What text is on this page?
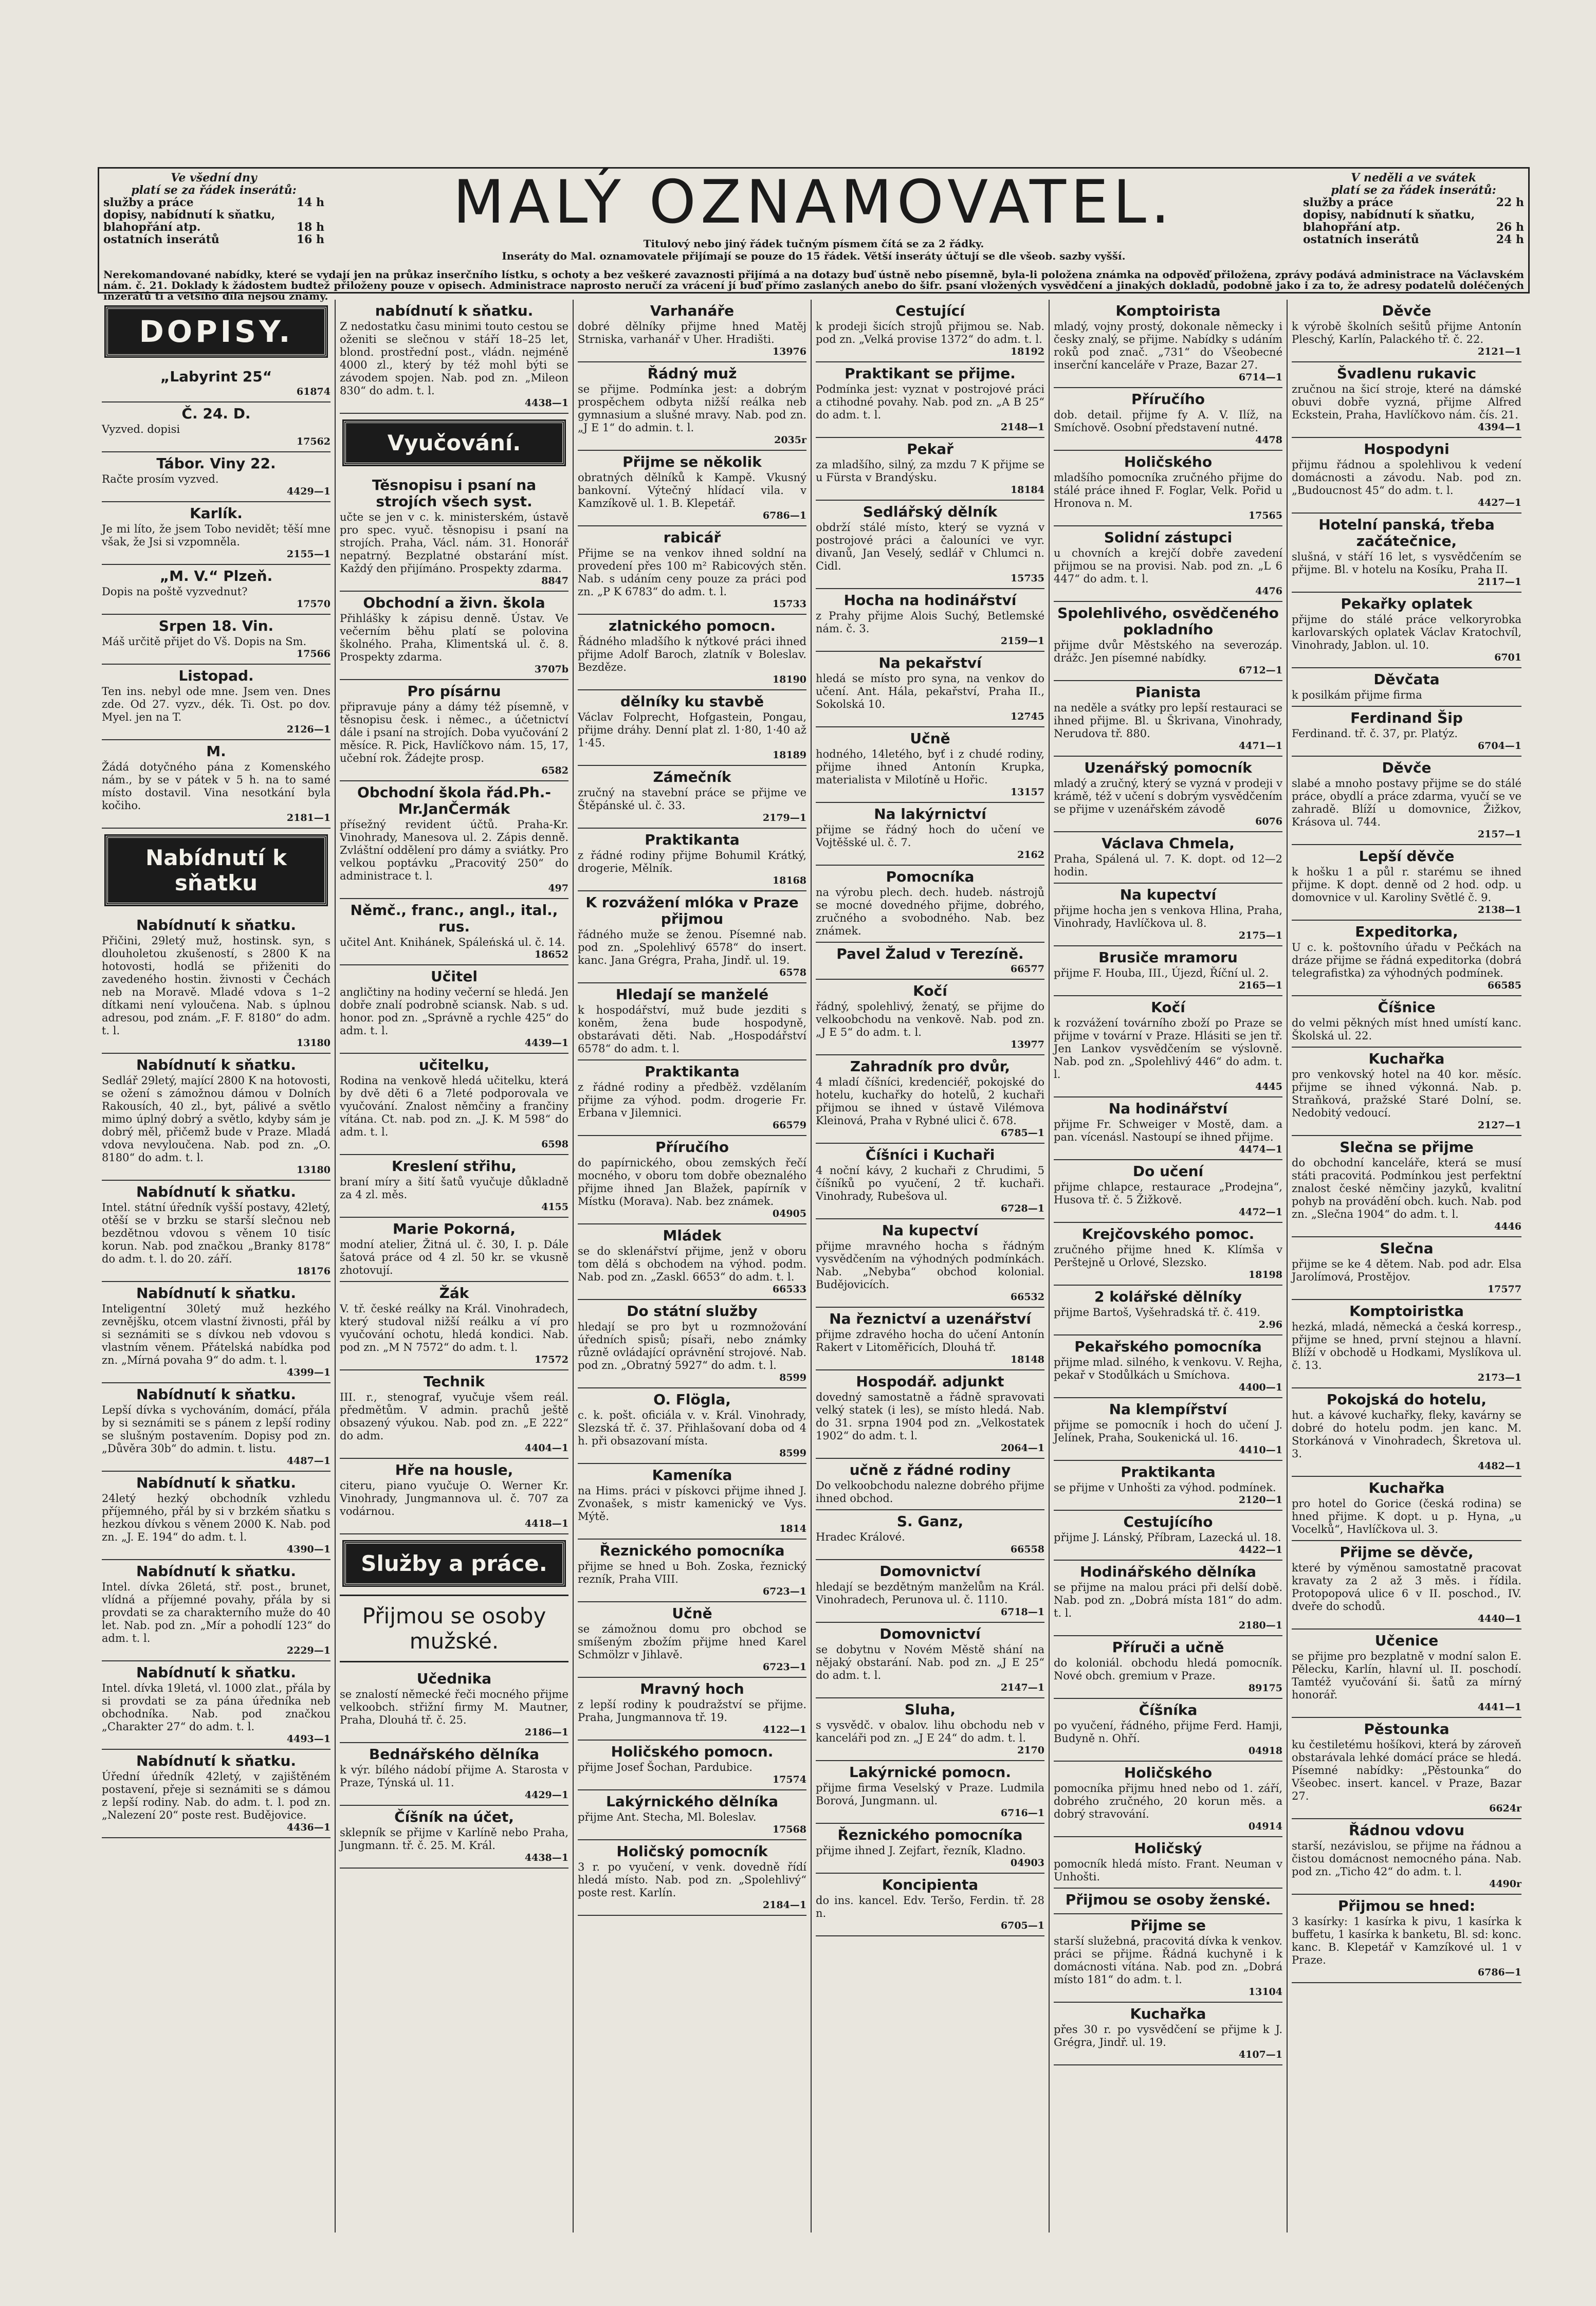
Ve všední dny
platí se za řádek inserátů:
služby a práce	14 h
dopisy, nabídnutí k sňatku,
blahopřání atp.	18 h
ostatních inserátů	16 h
MALÝ OZNAMOVATEL.
Titulový nebo jiný řádek tučným písmem čítá se za 2 řádky.
Inseráty do Mal. oznamovatele přijímají se pouze do 15 řádek. Větší inseráty účtují se dle všeob. sazby vyšší.
V neděli a ve svátek
platí se za řádek inserátů:
služby a práce	22 h
dopisy, nabídnutí k sňatku,
blahopřání atp.	26 h
ostatních inserátů	24 h
Nerekomandované nabídky, které se vydají jen na průkaz inserčního lístku, s ochoty a bez veškeré zavaznosti přijímá a na dotazy buď ústně nebo písemně, byla-li položena známka na odpověď přiložena, zprávy podává administrace na Václavském nám. č. 21. Doklady k žádostem budtež přiloženy pouze v opisech. Administrace naprosto neručí za vrácení jí buď přímo zaslaných anebo do šifr. psaní vložených vysvědčení a jinakých dokladů, podobně jako i za to, že adresy podatelů doléčených inzerátů ti a většího díla nejsou známy.
DOPISY.
„Labyrint 25“

61874
Č. 24. D.

Vyzved. dopisi

17562
Tábor. Viny 22.

Račte prosím vyzved.

4429—1
Karlík.

Je mi líto, že jsem Tobo nevidět; těší mne však, že Jsi si vzpomněla.

2155—1
„M. V.“ Plzeň.

Dopis na poště vyzvednut?

17570
Srpen 18. Vin.

Máš určitě přijet do Vš. Dopis na Sm.

17566
Listopad.

Ten ins. nebyl ode mne. Jsem ven. Dnes zde. Od 27. vyzv., dék. Ti. Ost. po dov. Myel. jen na T.

2126—1
M.

Žádá dotyčného pána z Komenského nám., by se v pátek v 5 h. na to samé místo dostavil. Vina nesotkání byla kočiho.

2181—1
Nabídnutí k sňatku
Nabídnutí k sňatku.

Přičini, 29letý muž, hostinsk. syn, s dlouholetou zkušeností, s 2800 K na hotovosti, hodlá se přiženiti do zavedeného hostin. živnosti v Čechách neb na Moravě. Mladé vdova s 1–2 dítkami není vyloučena. Nab. s úplnou adresou, pod znám. „F. F. 8180“ do adm. t. l.

13180
Nabídnutí k sňatku.

Sedlář 29letý, mající 2800 K na hotovosti, se ožení s zámožnou dámou v Dolních Rakousích, 40 zl., byt, pálivé a světlo mimo úplný dobrý a světlo, kdyby sám je dobrý měl, přičemž bude v Praze. Mladá vdova nevyloučena. Nab. pod zn. „O. 8180“ do adm. t. l.

13180
Nabídnutí k sňatku.

Intel. státní úředník vyšší postavy, 42letý, otěší se v brzku se starší slečnou neb bezdětnou vdovou s věnem 10 tisíc korun. Nab. pod značkou „Branky 8178“ do adm. t. l. do 20. září.

18176
Nabídnutí k sňatku.

Inteligentní 30letý muž hezkého zevnějšku, otcem vlastní živnosti, přál by si seznámiti se s dívkou neb vdovou s vlastním věnem. Přátelská nabídka pod zn. „Mírná povaha 9“ do adm. t. l.

4399—1
Nabídnutí k sňatku.

Lepší dívka s vychováním, domácí, přála by si seznámiti se s pánem z lepší rodiny se slušným postavením. Dopisy pod zn. „Důvěra 30b“ do admin. t. listu.

4487—1
Nabídnutí k sňatku.

24letý hezký obchodník vzhledu příjemného, přál by si v brzkém sňatku s hezkou dívkou s věnem 2000 K. Nab. pod zn. „J. E. 194“ do adm. t. l.

4390—1
Nabídnutí k sňatku.

Intel. dívka 26letá, stř. post., brunet, vlídná a příjemné povahy, přála by si provdati se za charakterního muže do 40 let. Nab. pod zn. „Mír a pohodlí 123“ do adm. t. l.

2229—1
Nabídnutí k sňatku.

Intel. dívka 19letá, vl. 1000 zlat., přála by si provdati se za pána úředníka neb obchodníka. Nab. pod značkou „Charakter 27“ do adm. t. l.

4493—1
Nabídnutí k sňatku.

Úřední úředník 42letý, v zajištěném postavení, přeje si seznámiti se s dámou z lepší rodiny. Nab. do adm. t. l. pod zn. „Nalezení 20“ poste rest. Budějovice.

4436—1
nabídnutí k sňatku.

Z nedostatku času minimi touto cestou se oženiti se slečnou v stáří 18–25 let, blond. prostřední post., vládn. nejméně 4000 zl., který by též mohl býti se závodem spojen. Nab. pod zn. „Mileon 830“ do adm. t. l.

4438—1
Vyučování.
Těsnopisu i psaní na strojích všech syst.

učte se jen v c. k. ministerském, ústavě pro spec. vyuč. těsnopisu i psaní na strojích. Praha, Václ. nám. 31. Honorář nepatrný. Bezplatné obstarání míst. Každý den přijímáno. Prospekty zdarma.

8847
Obchodní a živn. škola

Přihlášky k zápisu denně. Ústav. Ve večerním běhu platí se polovina školného. Praha, Klimentská ul. č. 8. Prospekty zdarma.

3707b
Pro písárnu

připravuje pány a dámy též písemně, v těsnopisu česk. i němec., a účetnictví dále i psaní na strojích. Doba vyučování 2 měsíce. R. Pick, Havlíčkovo nám. 15, 17, učební rok. Žádejte prosp.

6582
Obchodní škola řád.Ph.-Mr.JanČermák

přísežný revident účtů. Praha-Kr. Vinohrady, Manesova ul. 2. Zápis denně. Zvláštní oddělení pro dámy a sviátky. Pro velkou poptávku „Pracovitý 250“ do administrace t. l.

497
Němč., franc., angl., ital., rus.

učitel Ant. Knihánek, Spáleńská ul. č. 14.

18652
Učitel

angličtiny na hodiny večerní se hledá. Jen dobře znalí podrobně sciansk. Nab. s ud. honor. pod zn. „Správně a rychle 425“ do adm. t. l.

4439—1
učitelku,

Rodina na venkově hledá učitelku, která by dvě děti 6 a 7leté podporovala ve vyučování. Znalost němčiny a frančiny vítána. Ct. nab. pod zn. „J. K. M 598“ do adm. t. l.

6598
Kreslení střihu,

braní míry a šití šatů vyučuje důkladně za 4 zl. měs.

4155
Marie Pokorná,

modní atelier, Žitná ul. č. 30, I. p. Dále šatová práce od 4 zl. 50 kr. se vkusně zhotovují.

Žák

V. tř. české reálky na Král. Vinohradech, který studoval nižší reálku a ví pro vyučování ochotu, hledá kondici. Nab. pod zn. „M N 7572“ do adm. t. l.

17572
Technik

III. r., stenograf, vyučuje všem reál. předmětům. V admin. prachů ještě obsazený výukou. Nab. pod zn. „E 222“ do adm.

4404—1
Hře na housle,

citeru, piano vyučuje O. Werner Kr. Vinohrady, Jungmannova ul. č. 707 za vodárnou.

4418—1
Služby a práce.
Přijmou se osoby mužské.
Učednika

se znalostí německé řeči mocného přijme velkoobch. střižní firmy M. Mautner, Praha, Dlouhá tř. č. 25.

2186—1
Bednářského dělníka

k výr. bílého nádobí přijme A. Starosta v Praze, Týnská ul. 11.

4429—1
Číšník na účet,

sklepník se přijme v Karlíně nebo Praha, Jungmann. tř. č. 25. M. Král.

4438—1
Varhanáře

dobré dělníky přijme hned Matěj Strniska, varhanář v Uher. Hradišti.

13976
Řádný muž

se přijme. Podmínka jest: a dobrým prospěchem odbyta nižší reálka neb gymnasium a slušné mravy. Nab. pod zn. „J E 1“ do admin. t. l.

2035r
Přijme se několik

obratných dělníků k Kampě. Vkusný bankovní. Výtečný hlídací vila. v Kamzíkově ul. 1. B. Klepetář.

6786—1
rabicář

Přijme se na venkov ihned soldní na provedení přes 100 m² Rabicových stěn. Nab. s udáním ceny pouze za práci pod zn. „P K 6783“ do adm. t. l.

15733
zlatnického pomocn.

Řádného mladšího k nýtkové práci ihned přijme Adolf Baroch, zlatník v Boleslav. Bezděze.

18190
dělníky ku stavbě

Václav Folprecht, Hofgastein, Pongau, přijme dráhy. Denní plat zl. 1·80, 1·40 až 1·45.

18189
Zámečník

zručný na stavební práce se přijme ve Štěpánské ul. č. 33.

2179—1
Praktikanta

z řádné rodiny přijme Bohumil Krátký, drogerie, Mělník.

18168
K rozvážení mlóka v Praze přijmou

řádného muže se ženou. Písemné nab. pod zn. „Spolehlivý 6578“ do insert. kanc. Jana Grégra, Praha, Jindř. ul. 19.

6578
Hledají se manželé

k hospodářství, muž bude jezditi s koněm, žena bude hospodyně, obstarávati děti. Nab. „Hospodářství 6578“ do adm. t. l.

Praktikanta

z řádné rodiny a předběž. vzdělaním přijme za výhod. podm. drogerie Fr. Erbana v Jilemnici.

66579
Příručího

do papírnického, obou zemských řečí mocného, v oboru tom dobře obeznalého přijme ihned Jan Blažek, papírník v Místku (Morava). Nab. bez známek.

04905
Mládek

se do sklenářství přijme, jenž v oboru tom dělá s obchodem na výhod. podm. Nab. pod zn. „Zaskl. 6653“ do adm. t. l.

66533
Do státní služby

hledají se pro byt u rozmnožování úředních spisů; písaři, nebo známky různě ovládající oprávnění strojové. Nab. pod zn. „Obratný 5927“ do adm. t. l.

8599
O. Flögla,

c. k. pošt. oficiála v. v. Král. Vinohrady, Slezská tř. č. 37. Přihlašovaní doba od 4 h. při obsazovaní místa.

8599
Kameníka

na Hims. práci v pískovci přijme ihned J. Zvonašek, s mistr kamenický ve Vys. Mýtě.

1814
Řeznického pomocníka

přijme se hned u Boh. Zoska, řeznický rezník, Praha VIII.

6723—1
Učně

se zámožnou domu pro obchod se smíšeným zbožím přijme hned Karel Schmölzr v Jihlavě.

6723—1
Mravný hoch

z lepší rodiny k poudražství se přijme. Praha, Jungmannova tř. 19.

4122—1
Holičského pomocn.

přijme Josef Šochan, Pardubice.

17574
Lakýrnického dělníka

přijme Ant. Stecha, Ml. Boleslav.

17568
Holičský pomocník

3 r. po vyučení, v venk. dovedně řídí hledá místo. Nab. pod zn. „Spolehlivý“ poste rest. Karlín.

2184—1
Cestující

k prodeji šicích strojů přijmou se. Nab. pod zn. „Velká provise 1372“ do adm. t. l.

18192
Praktikant se přijme.

Podmínka jest: vyznat v postrojové práci a ctihodné povahy. Nab. pod zn. „A B 25“ do adm. t. l.

2148—1
Pekař

za mladšího, silný, za mzdu 7 K přijme se u Fürsta v Brandýsku.

18184
Sedlářský dělník

obdrží stálé místo, který se vyzná v postrojové práci a čalouníci ve vyr. divanů, Jan Veselý, sedlář v Chlumci n. Cidl.

15735
Hocha na hodinářství

z Prahy přijme Alois Suchý, Betlemské nám. č. 3.

2159—1
Na pekařství

hledá se místo pro syna, na venkov do učení. Ant. Hála, pekařství, Praha II., Sokolská 10.

12745
Učně

hodného, 14letého, byť i z chudé rodiny, přijme ihned Antonín Krupka, materialista v Milotíně u Hořic.

13157
Na lakýrnictví

přijme se řádný hoch do učení ve Vojtěšské ul. č. 7.

2162
Pomocníka

na výrobu plech. dech. hudeb. nástrojů se mocné dovedného přijme, dobrého, zručného a svobodného. Nab. bez známek.

Pavel Žalud v Terezíně.

66577
Kočí

řádný, spolehlivý, ženatý, se přijme do velkoobchodu na venkově. Nab. pod zn. „J E 5“ do adm. t. l.

13977
Zahradník pro dvůr,

4 mladí číšníci, kredenciéř, pokojské do hotelu, kuchařky do hotelů, 2 kuchaři přijmou se ihned v ústavě Vilémova Kleinová, Praha v Rybné ulici č. 678.

6785—1
Číšníci i Kuchaři

4 noční kávy, 2 kuchaři z Chrudimi, 5 číšníků po vyučení, 2 tř. kuchaři. Vinohrady, Rubešova ul.

6728—1
Na kupectví

přijme mravného hocha s řádným vysvědčením na výhodných podmínkách. Nab. „Nebyba“ obchod kolonial. Budějovicích.

66532
Na řeznictví a uzenářství

přijme zdravého hocha do učení Antonín Rakert v Litoměřicích, Dlouhá tř.

18148
Hospodář. adjunkt

dovedný samostatně a řádně spravovati velký statek (i les), se místo hledá. Nab. do 31. srpna 1904 pod zn. „Velkostatek 1902“ do adm. t. l.

2064—1
učně z řádné rodiny

Do velkoobchodu nalezne dobrého přijme ihned obchod.

S. Ganz,

Hradec Králové.

66558
Domovnictví

hledají se bezdětným manželům na Král. Vinohradech, Perunova ul. č. 1110.

6718—1
Domovnictví

se dobytnu v Novém Městě shání na nějaký obstarání. Nab. pod zn. „J E 25“ do adm. t. l.

2147—1
Sluha,

s vysvědč. v obalov. lihu obchodu neb v kanceláři pod zn. „J E 24“ do adm. t. l.

2170
Lakýrnické pomocn.

přijme firma Veselský v Praze. Ludmila Borová, Jungmann. ul.

6716—1
Řeznického pomocníka

přijme ihned J. Zejfart, řezník, Kladno.

04903
Koncipienta

do ins. kancel. Edv. Teršo, Ferdin. tř. 28 n.

6705—1
Komptoiristа

mladý, vojny prostý, dokonale německy i česky znalý, se přijme. Nabídky s udáním roků pod znač. „731“ do Všeobecné inserční kanceláře v Praze, Bazar 27.

6714—1
Příručího

dob. detail. přijme fy A. V. Ilíž, na Smíchově. Osobní představení nutné.

4478
Holičského

mladšího pomocníka zručného přijme do stálé práce ihned F. Foglar, Velk. Pořid u Hronova n. M.

17565
Solidní zástupci

u chovních a krejčí dobře zavedení přijmou se na provisi. Nab. pod zn. „L 6 447“ do adm. t. l.

4476
Spolehlivého, osvědčeného pokladního

přijme dvůr Městského na severozáp. drážc. Jen písemné nabídky.

6712—1
Pianista

na neděle a svátky pro lepší restauraci se ihned přijme. Bl. u Škrivana, Vinohrady, Nerudova tř. 880.

4471—1
Uzenářský pomocník

mladý a zručný, který se vyzná v prodeji v krámě, též v učení s dobrým vysvědčením se přijme v uzenářském závodě

6076
Václava Chmela,

Praha, Spálená ul. 7. K. dopt. od 12—2 hodin.

Na kupectví

přijme hocha jen s venkova Hlina, Praha, Vinohrady, Havlíčkova ul. 8.

2175—1
Brusiče mramoru

přijme F. Houba, III., Újezd, Říční ul. 2.

2165—1
Kočí

k rozvážení továrního zboží po Praze se přijme v tovární v Praze. Hlásiti se jen tř. Jen Lankov vysvědčením se výslovně. Nab. pod zn. „Spolehlivý 446“ do adm. t. l.

4445
Na hodinářství

přijme Fr. Schweiger v Mostě, dam. a pan. vícenásl. Nastoupí se ihned přijme.

4474—1
Do učení

přijme chlapce, restaurace „Prodejna“, Husova tř. č. 5 Žižkově.

4472—1
Krejčovského pomoc.

zručného přijme hned K. Klímša v Perštejně u Orlové, Slezsko.

18198
2 kolářské dělníky

přijme Bartoš, Vyšehradská tř. č. 419.

2.96
Pekařského pomocníka

přijme mlad. silného, k venkovu. V. Rejha, pekař v Stodůlkách u Smíchova.

4400—1
Na klempířství

přijme se pomocník i hoch do učení J. Jelínek, Praha, Soukenická ul. 16.

4410—1
Praktikanta

se přijme v Unhošti za výhod. podmínek.

2120—1
Cestujícího

přijme J. Lánský, Příbram, Lazecká ul. 18.

4422—1
Hodinářského dělníka

se přijme na malou práci při delší době. Nab. pod zn. „Dobrá místa 181“ do adm. t. l.

2180—1
Příruči a učně

do koloniál. obchodu hledá pomocník. Nové obch. gremium v Praze.

89175
Číšníka

po vyučení, řádného, přijme Ferd. Hamji, Budyně n. Ohří.

04918
Holičského

pomocníka přijmu hned nebo od 1. září, dobrého zručného, 20 korun měs. a dobrý stravování.

04914
Holičský

pomocník hledá místo. Frant. Neuman v Unhošti.

Přijmou se osoby ženské.

Přijme se

starší služebná, pracovitá dívka k venkov. práci se přijme. Řádná kuchyně i k domácnosti vítána. Nab. pod zn. „Dobrá místo 181“ do adm. t. l.

13104
Kuchařka

přes 30 r. po vysvědčení se přijme k J. Grégra, Jindř. ul. 19.

4107—1
Děvče

k výrobě školních sešitů přijme Antonín Pleschý, Karlín, Palackého tř. č. 22.

2121—1
Švadlenu rukavic

zručnou na šicí stroje, které na dámské obuvi dobře vyzná, přijme Alfred Eckstein, Praha, Havlíčkovo nám. čís. 21.

4394—1
Hospodyni

přijmu řádnou a spolehlivou k vedení domácnosti a závodu. Nab. pod zn. „Budoucnost 45“ do adm. t. l.

4427—1
Hotelní panská, třeba začátečnice,

slušná, v stáří 16 let, s vysvědčením se přijme. Bl. v hotelu na Kosíku, Praha II.

2117—1
Pekařky oplatek

přijme do stálé práce velkoryrobka karlovarských oplatek Václav Kratochvíl, Vinohrady, Jablon. ul. 10.

6701
Děvčata

k posilkám přijme firma

Ferdinand Šip

Ferdinand. tř. č. 37, pr. Platýz.

6704—1
Děvče

slabé a mnoho postavy přijme se do stálé práce, obydlí a práce zdarma, vyučí se ve zahradě. Blíží u domovnice, Žižkov, Krásova ul. 744.

2157—1
Lepší děvče

k hošku 1 a půl r. starému se ihned přijme. K dopt. denně od 2 hod. odp. u domovnice v ul. Karoliny Světlé č. 9.

2138—1
Expeditorka,

U c. k. poštovního úřadu v Pečkách na dráze přijme se řádná expeditorka (dobrá telegrafistka) za výhodných podmínek.

66585
Číšnice

do velmi pěkných míst hned umístí kanc. Školská ul. 22.

Kuchařka

pro venkovský hotel na 40 kor. měsíc. přijme se ihned výkonná. Nab. p. Straňková, pražské Staré Dolní, se. Nedobitý vedoucí.

2127—1
Slečna se přijme

do obchodní kanceláře, která se musí státi pracovitá. Podmínkou jest perfektní znalost české němčiny jazyků, kvalitní pohyb na provádění obch. kuch. Nab. pod zn. „Slečna 1904“ do adm. t. l.

4446
Slečna

přijme se ke 4 dětem. Nab. pod adr. Elsa Jarolímová, Prostějov.

17577
Komptoiristka

hezká, mladá, německá a česká korresp., přijme se hned, první stejnou a hlavní. Blíží v obchodě u Hodkami, Myslíkova ul. č. 13.

2173—1
Pokojská do hotelu,

hut. a kávové kuchařky, fleky, kavárny se dobré do hotelu podm. jen kanc. M. Storkánová v Vinohradech, Škretova ul. 3.

4482—1
Kuchařka

pro hotel do Gorice (česká rodina) se hned přijme. K dopt. u p. Hyna, „u Vocelků“, Havlíčkova ul. 3.

Přijme se děvče,

které by výměnou samostatně pracovat kravaty za 2 až 3 měs. i řídila. Protopopová ulice 6 v II. poschod., IV. dveře do schodů.

4440—1
Učenice

se přijme pro bezplatně v modní salon E. Pělecku, Karlín, hlavní ul. II. poschodí. Tamtéž vyučování ši. šatů za mírný honorář.

4441—1
Pěstounka

ku čestiletému hošíkovi, která by zároveň obstarávala lehké domácí práce se hledá. Písemné nabídky: „Pěstounka“ do Všeobec. insert. kancel. v Praze, Bazar 27.

6624r
Řádnou vdovu

starší, nezávislou, se přijme na řádnou a čistou domácnost nemocného pána. Nab. pod zn. „Ticho 42“ do adm. t. l.

4490r
Přijmou se hned:

3 kasírky: 1 kasírka k pivu, 1 kasírka k buffetu, 1 kasírka k banketu, Bl. sd: konc. kanc. B. Klepetář v Kamzíkové ul. 1 v Praze.

6786—1
